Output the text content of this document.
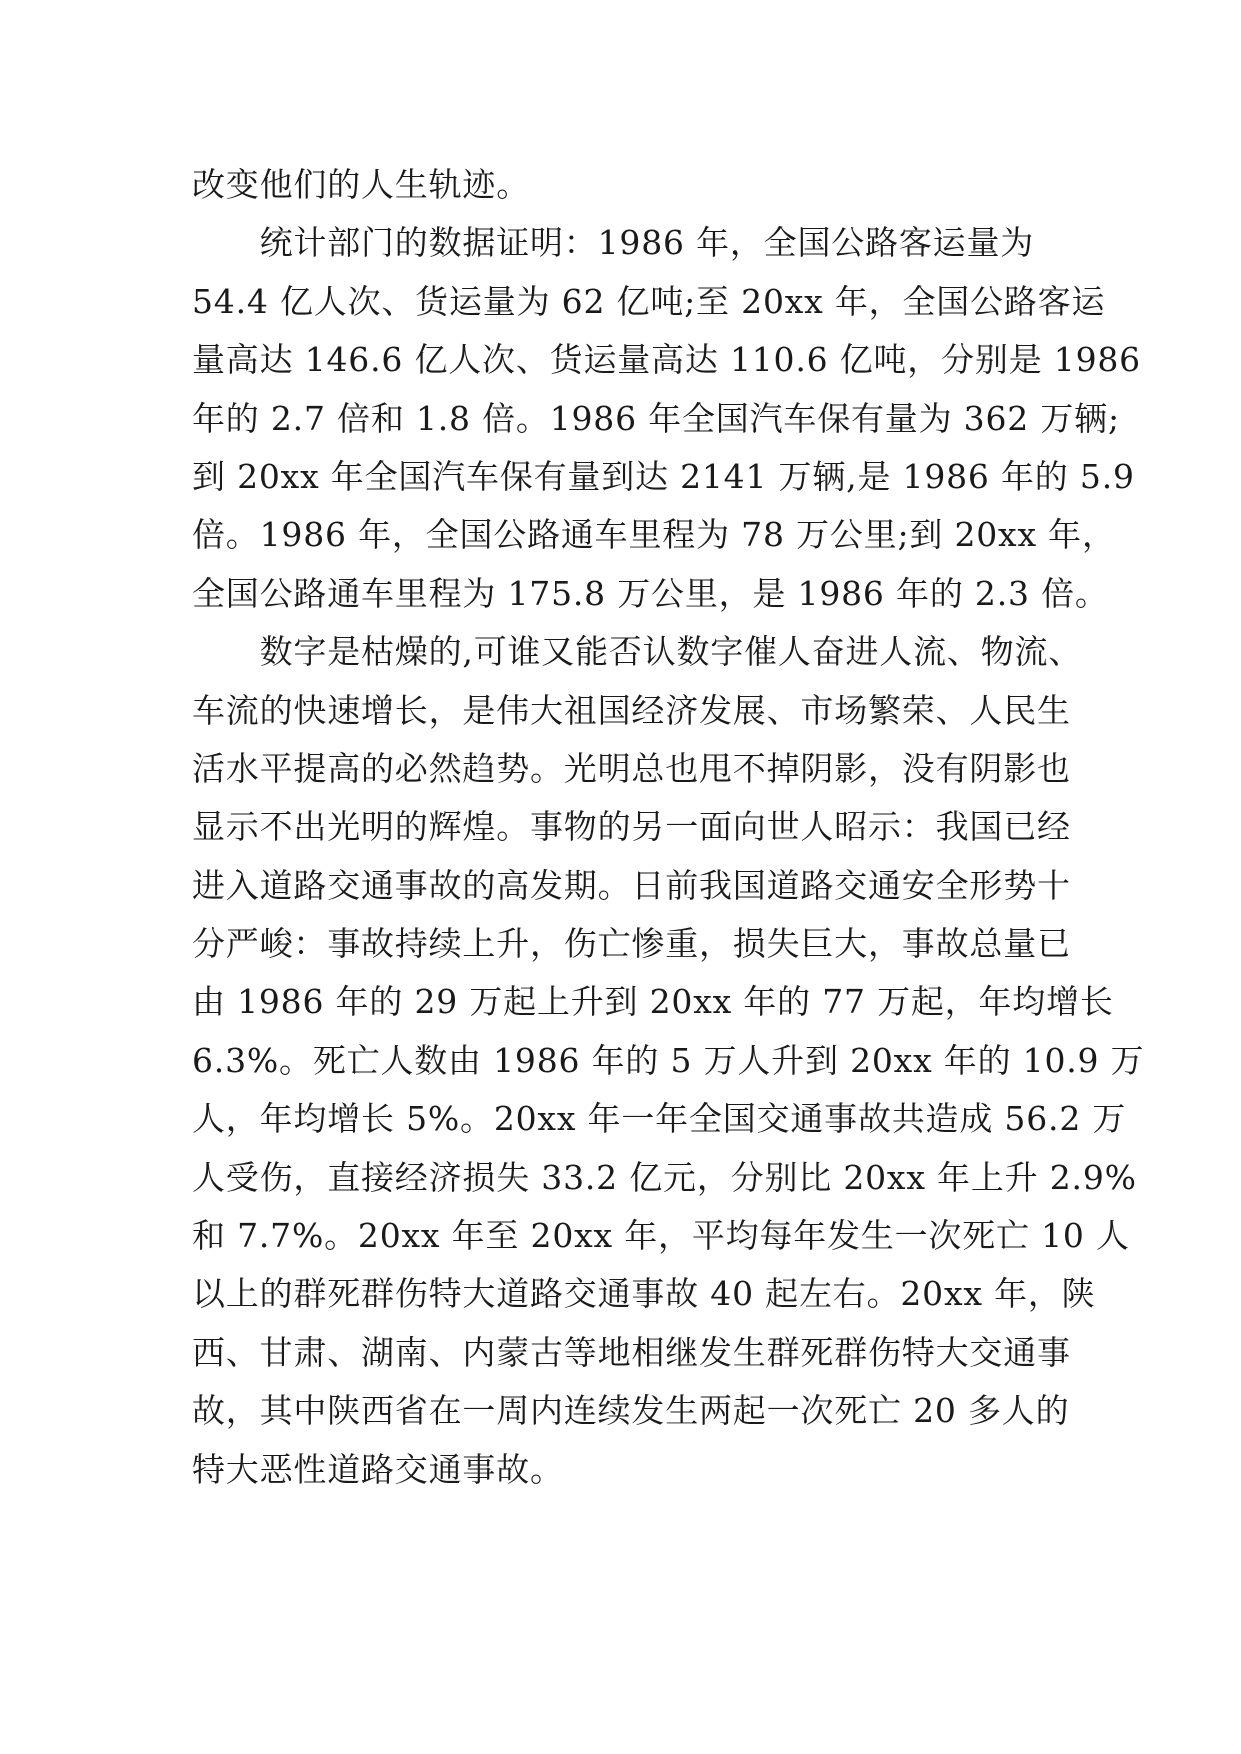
改变他们的人生轨迹。
　　统计部门的数据证明：1986 年，全国公路客运量为
54.4 亿人次、货运量为 62 亿吨;至 20xx 年，全国公路客运
量高达 146.6 亿人次、货运量高达 110.6 亿吨，分别是 1986
年的 2.7 倍和 1.8 倍。1986 年全国汽车保有量为 362 万辆;
到 20xx 年全国汽车保有量到达 2141 万辆,是 1986 年的 5.9
倍。1986 年，全国公路通车里程为 78 万公里;到 20xx 年，
全国公路通车里程为 175.8 万公里，是 1986 年的 2.3 倍。
　　数字是枯燥的,可谁又能否认数字催人奋进人流、物流、
车流的快速增长，是伟大祖国经济发展、市场繁荣、人民生
活水平提高的必然趋势。光明总也甩不掉阴影，没有阴影也
显示不出光明的辉煌。事物的另一面向世人昭示：我国已经
进入道路交通事故的高发期。日前我国道路交通安全形势十
分严峻：事故持续上升，伤亡惨重，损失巨大，事故总量已
由 1986 年的 29 万起上升到 20xx 年的 77 万起，年均增长
6.3%。死亡人数由 1986 年的 5 万人升到 20xx 年的 10.9 万
人，年均增长 5%。20xx 年一年全国交通事故共造成 56.2 万
人受伤，直接经济损失 33.2 亿元，分别比 20xx 年上升 2.9%
和 7.7%。20xx 年至 20xx 年，平均每年发生一次死亡 10 人
以上的群死群伤特大道路交通事故 40 起左右。20xx 年，陕
西、甘肃、湖南、内蒙古等地相继发生群死群伤特大交通事
故，其中陕西省在一周内连续发生两起一次死亡 20 多人的
特大恶性道路交通事故。
